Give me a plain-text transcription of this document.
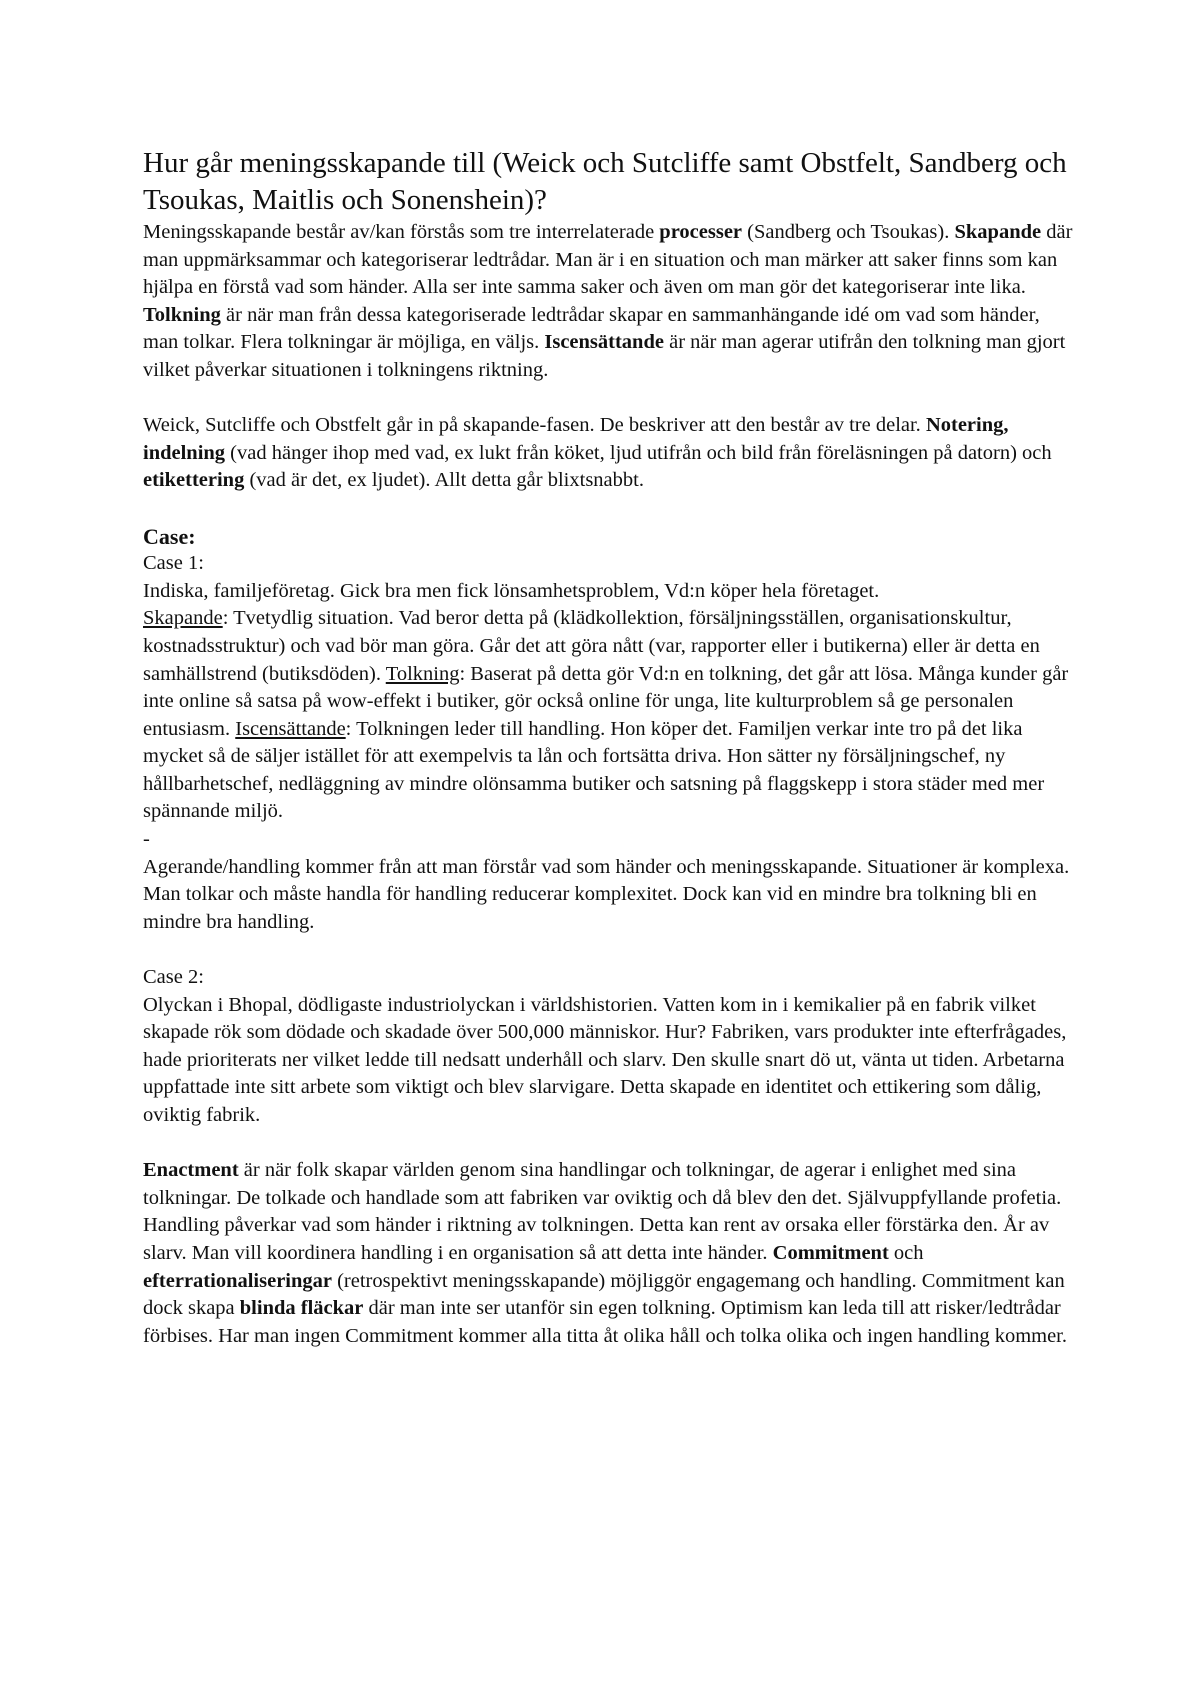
Hur går meningsskapande till (Weick och Sutcliffe samt Obstfelt, Sandberg och Tsoukas, Maitlis och Sonenshein)?

Meningsskapande består av/kan förstås som tre interrelaterade processer (Sandberg och Tsoukas). Skapande där man uppmärksammar och kategoriserar ledtrådar. Man är i en situation och man märker att saker finns som kan hjälpa en förstå vad som händer. Alla ser inte samma saker och även om man gör det kategoriserar inte lika. Tolkning är när man från dessa kategoriserade ledtrådar skapar en sammanhängande idé om vad som händer, man tolkar. Flera tolkningar är möjliga, en väljs. Iscensättande är när man agerar utifrån den tolkning man gjort vilket påverkar situationen i tolkningens riktning.

Weick, Sutcliffe och Obstfelt går in på skapande-fasen. De beskriver att den består av tre delar. Notering, indelning (vad hänger ihop med vad, ex lukt från köket, ljud utifrån och bild från föreläsningen på datorn) och etikettering (vad är det, ex ljudet). Allt detta går blixtsnabbt.

Case:

Case 1:

Indiska, familjeföretag. Gick bra men fick lönsamhetsproblem, Vd:n köper hela företaget.

Skapande: Tvetydlig situation. Vad beror detta på (klädkollektion, försäljningsställen, organisationskultur, kostnadsstruktur) och vad bör man göra. Går det att göra nått (var, rapporter eller i butikerna) eller är detta en samhällstrend (butiksdöden). Tolkning: Baserat på detta gör Vd:n en tolkning, det går att lösa. Många kunder går inte online så satsa på wow-effekt i butiker, gör också online för unga, lite kulturproblem så ge personalen entusiasm. Iscensättande: Tolkningen leder till handling. Hon köper det. Familjen verkar inte tro på det lika mycket så de säljer istället för att exempelvis ta lån och fortsätta driva. Hon sätter ny försäljningschef, ny hållbarhetschef, nedläggning av mindre olönsamma butiker och satsning på flaggskepp i stora städer med mer spännande miljö.

-

Agerande/handling kommer från att man förstår vad som händer och meningsskapande. Situationer är komplexa. Man tolkar och måste handla för handling reducerar komplexitet. Dock kan vid en mindre bra tolkning bli en mindre bra handling.

Case 2:

Olyckan i Bhopal, dödligaste industriolyckan i världshistorien. Vatten kom in i kemikalier på en fabrik vilket skapade rök som dödade och skadade över 500,000 människor. Hur? Fabriken, vars produkter inte efterfrågades, hade prioriterats ner vilket ledde till nedsatt underhåll och slarv. Den skulle snart dö ut, vänta ut tiden. Arbetarna uppfattade inte sitt arbete som viktigt och blev slarvigare. Detta skapade en identitet och ettikering som dålig, oviktig fabrik.

Enactment är när folk skapar världen genom sina handlingar och tolkningar, de agerar i enlighet med sina tolkningar. De tolkade och handlade som att fabriken var oviktig och då blev den det. Självuppfyllande profetia. Handling påverkar vad som händer i riktning av tolkningen. Detta kan rent av orsaka eller förstärka den. År av slarv. Man vill koordinera handling i en organisation så att detta inte händer. Commitment och efterrationaliseringar (retrospektivt meningsskapande) möjliggör engagemang och handling. Commitment kan dock skapa blinda fläckar där man inte ser utanför sin egen tolkning. Optimism kan leda till att risker/ledtrådar förbises. Har man ingen Commitment kommer alla titta åt olika håll och tolka olika och ingen handling kommer.
